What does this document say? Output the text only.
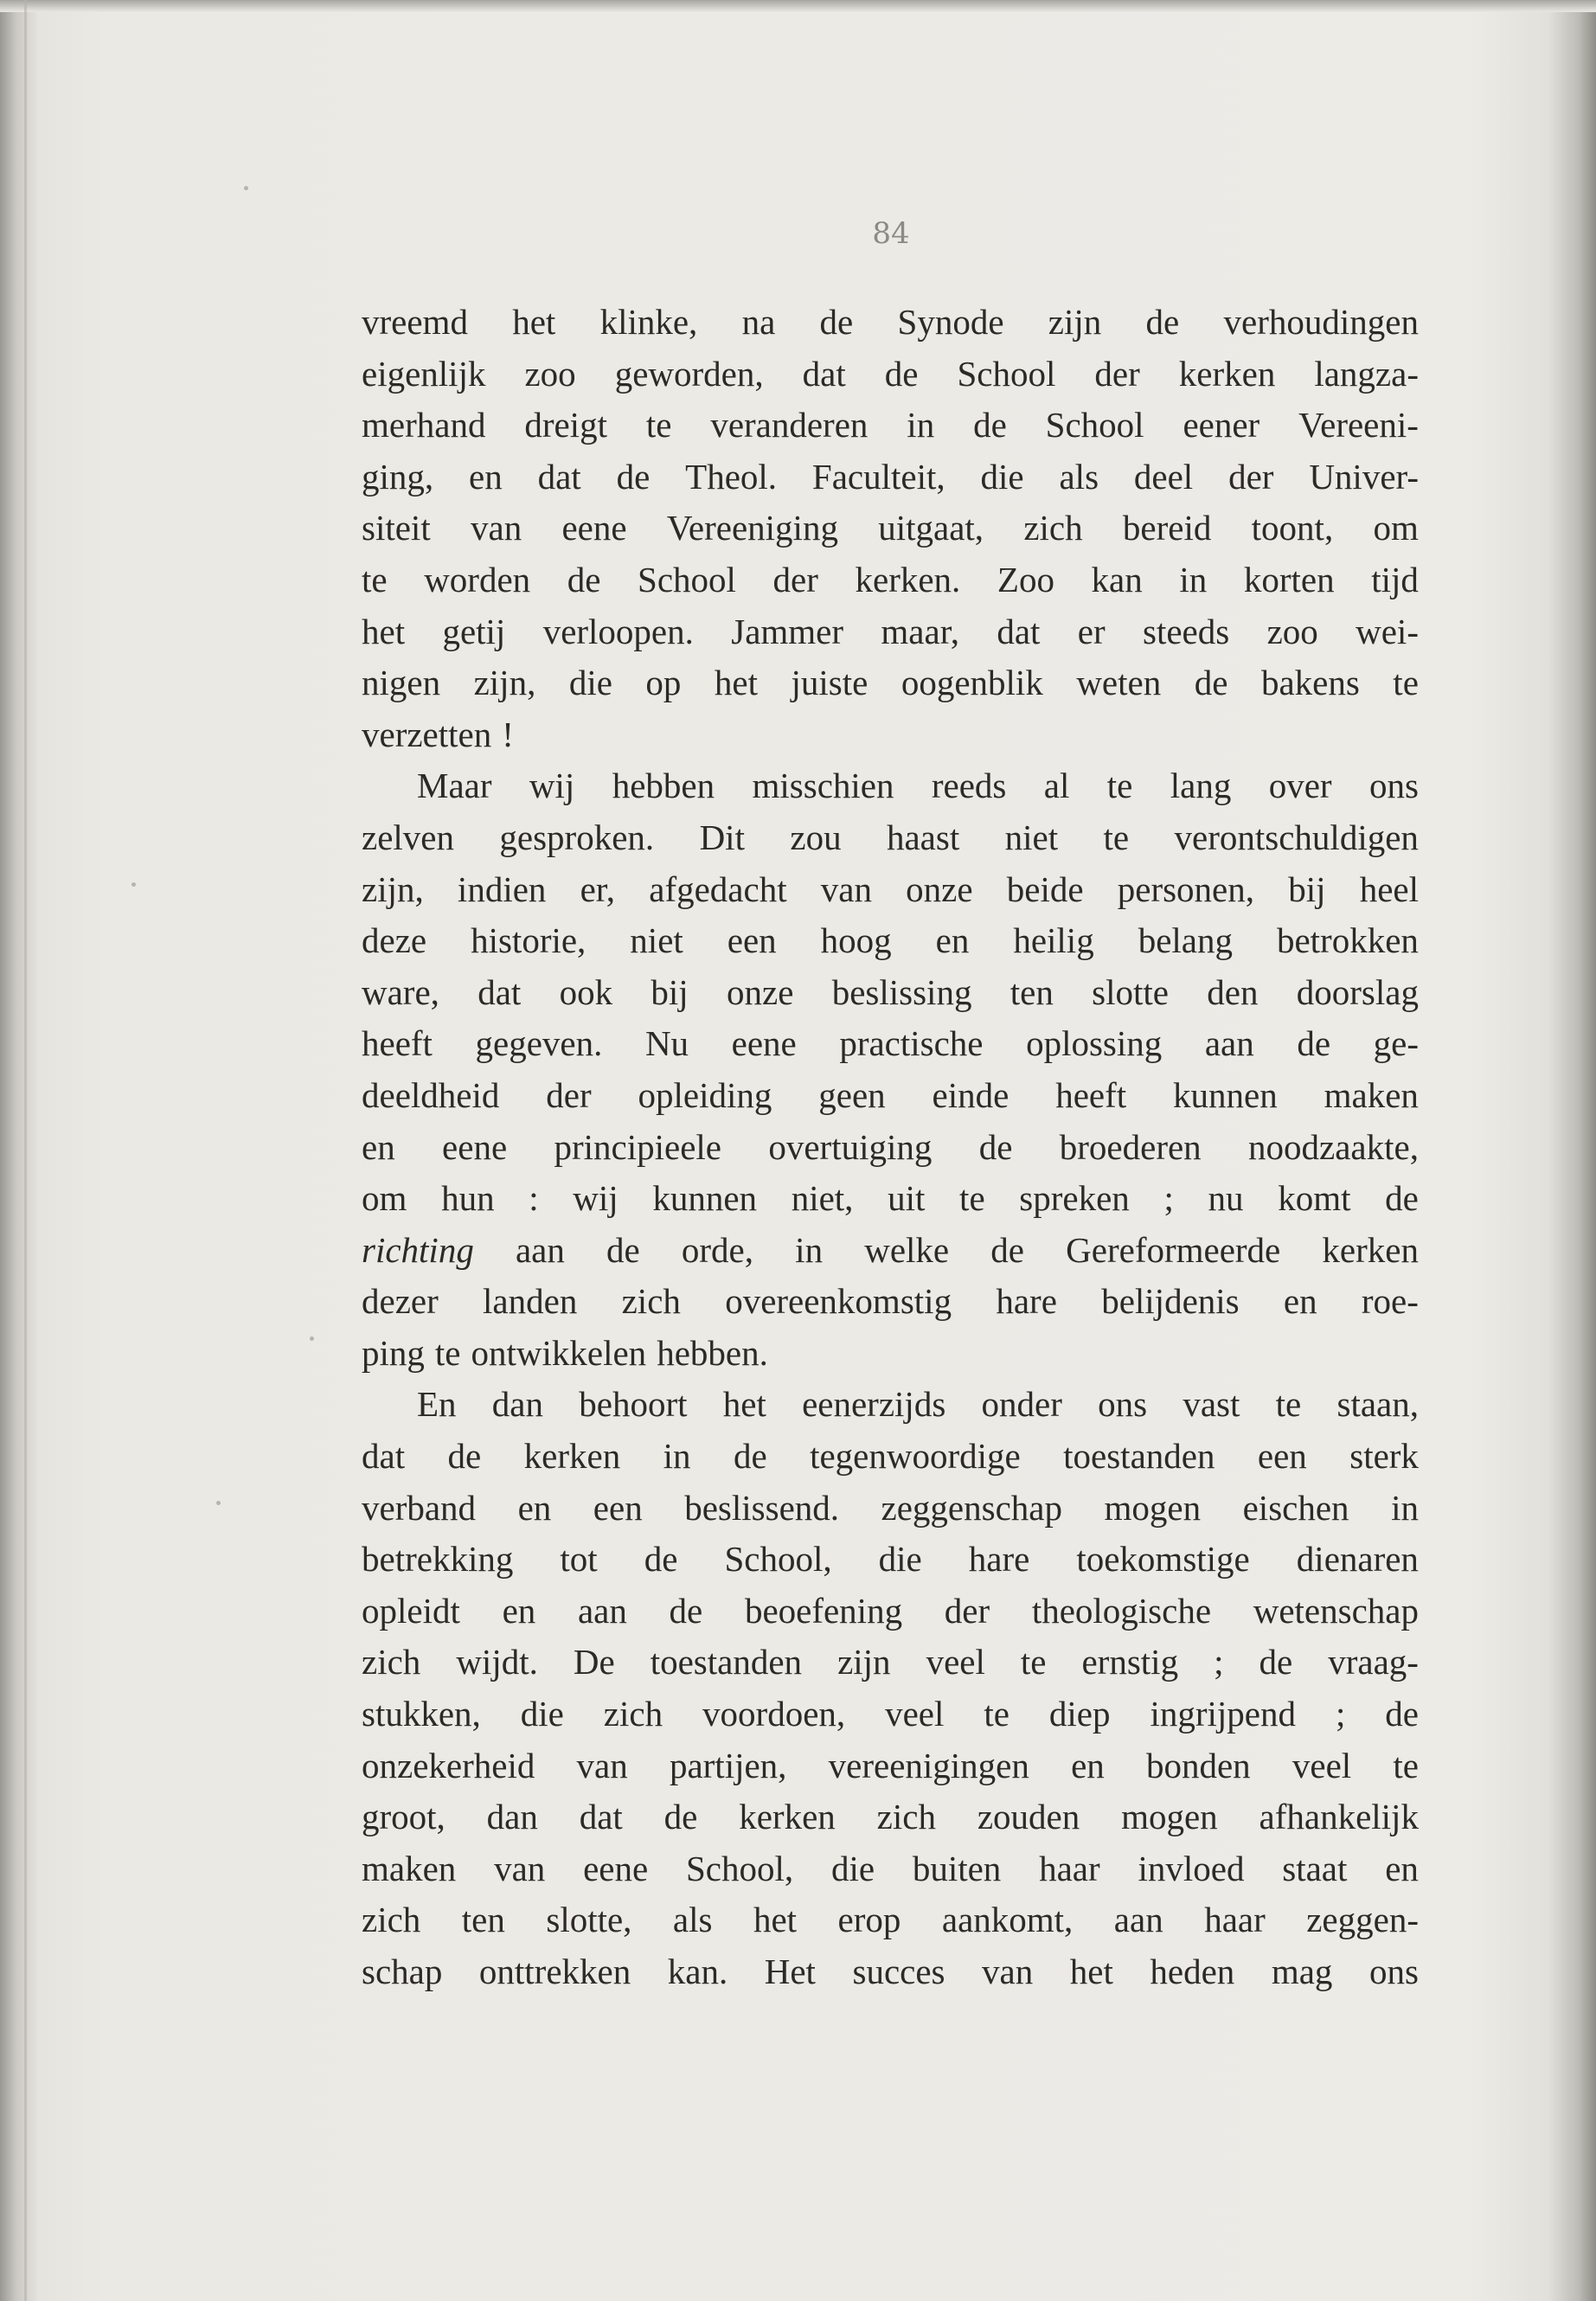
84
vreemd het klinke, na de Synode zijn de verhoudingen
eigenlijk zoo geworden, dat de School der kerken langza-
merhand dreigt te veranderen in de School eener Vereeni-
ging, en dat de Theol. Faculteit, die als deel der Univer-
siteit van eene Vereeniging uitgaat, zich bereid toont, om
te worden de School der kerken. Zoo kan in korten tijd
het getij verloopen. Jammer maar, dat er steeds zoo wei-
nigen zijn, die op het juiste oogenblik weten de bakens te
verzetten !
Maar wij hebben misschien reeds al te lang over ons
zelven gesproken. Dit zou haast niet te verontschuldigen
zijn, indien er, afgedacht van onze beide personen, bij heel
deze historie, niet een hoog en heilig belang betrokken
ware, dat ook bij onze beslissing ten slotte den doorslag
heeft gegeven. Nu eene practische oplossing aan de ge-
deeldheid der opleiding geen einde heeft kunnen maken
en eene principieele overtuiging de broederen noodzaakte,
om hun : wij kunnen niet, uit te spreken ; nu komt de
richting aan de orde, in welke de Gereformeerde kerken
dezer landen zich overeenkomstig hare belijdenis en roe-
ping te ontwikkelen hebben.
En dan behoort het eenerzijds onder ons vast te staan,
dat de kerken in de tegenwoordige toestanden een sterk
verband en een beslissend. zeggenschap mogen eischen in
betrekking tot de School, die hare toekomstige dienaren
opleidt en aan de beoefening der theologische wetenschap
zich wijdt. De toestanden zijn veel te ernstig ; de vraag-
stukken, die zich voordoen, veel te diep ingrijpend ; de
onzekerheid van partijen, vereenigingen en bonden veel te
groot, dan dat de kerken zich zouden mogen afhankelijk
maken van eene School, die buiten haar invloed staat en
zich ten slotte, als het erop aankomt, aan haar zeggen-
schap onttrekken kan. Het succes van het heden mag ons
